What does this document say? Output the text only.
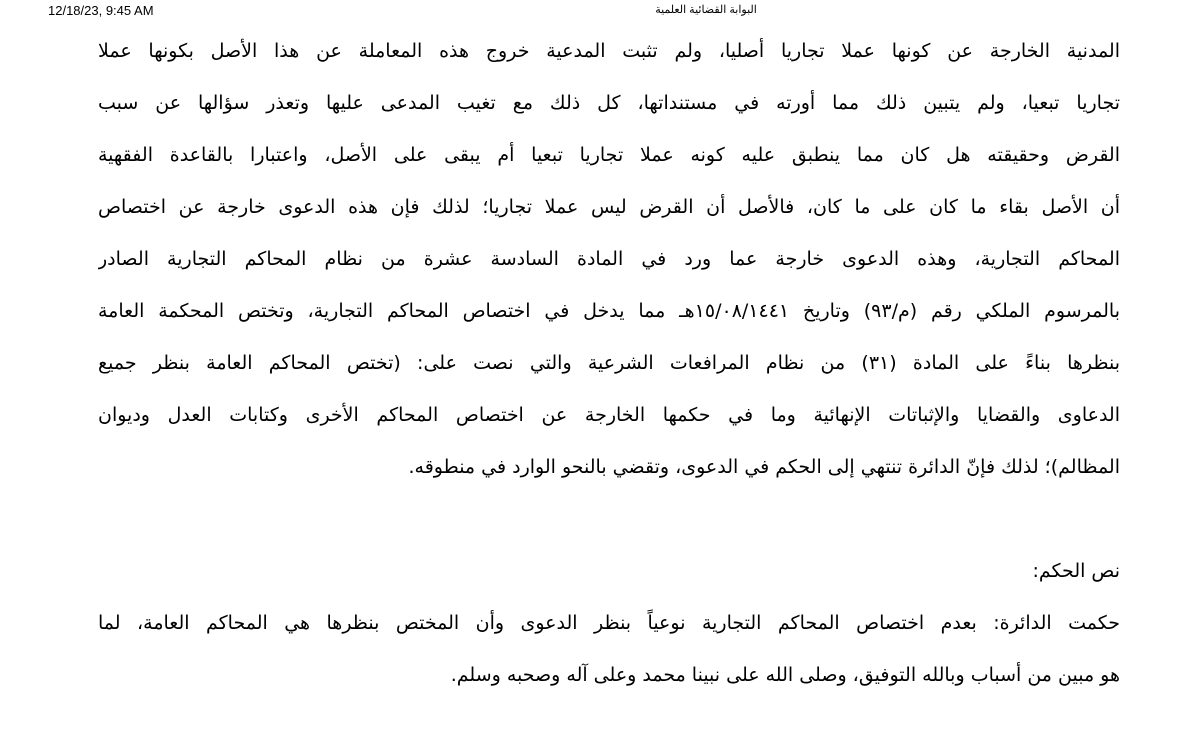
12/18/23, 9:45 AM	البوابة القضائية العلمية
المدنية الخارجة عن كونها عملا تجاريا أصليا، ولم تثبت المدعية خروج هذه المعاملة عن هذا الأصل بكونها عملا
تجاريا تبعيا، ولم يتبين ذلك مما أورته في مستنداتها، كل ذلك مع تغيب المدعى عليها وتعذر سؤالها عن سبب
القرض وحقيقته هل كان مما ينطبق عليه كونه عملا تجاريا تبعيا أم يبقى على الأصل، واعتبارا بالقاعدة الفقهية
أن الأصل بقاء ما كان على ما كان، فالأصل أن القرض ليس عملا تجاريا؛ لذلك فإن هذه الدعوى خارجة عن اختصاص
المحاكم التجارية، وهذه الدعوى خارجة عما ورد في المادة السادسة عشرة من نظام المحاكم التجارية الصادر
بالمرسوم الملكي رقم (م/٩٣) وتاريخ ١٥/٠٨/١٤٤١هـ مما يدخل في اختصاص المحاكم التجارية، وتختص المحكمة العامة
بنظرها بناءً على المادة (٣١) من نظام المرافعات الشرعية والتي نصت على: (تختص المحاكم العامة بنظر جميع
الدعاوى والقضايا والإثباتات الإنهائية وما في حكمها الخارجة عن اختصاص المحاكم الأخرى وكتابات العدل وديوان
المظالم)؛ لذلك فإنّ الدائرة تنتهي إلى الحكم في الدعوى، وتقضي بالنحو الوارد في منطوقه.
نص الحكم:
حكمت الدائرة: بعدم اختصاص المحاكم التجارية نوعياً بنظر الدعوى وأن المختص بنظرها هي المحاكم العامة، لما
هو مبين من أسباب وبالله التوفيق، وصلى الله على نبينا محمد وعلى آله وصحبه وسلم.
